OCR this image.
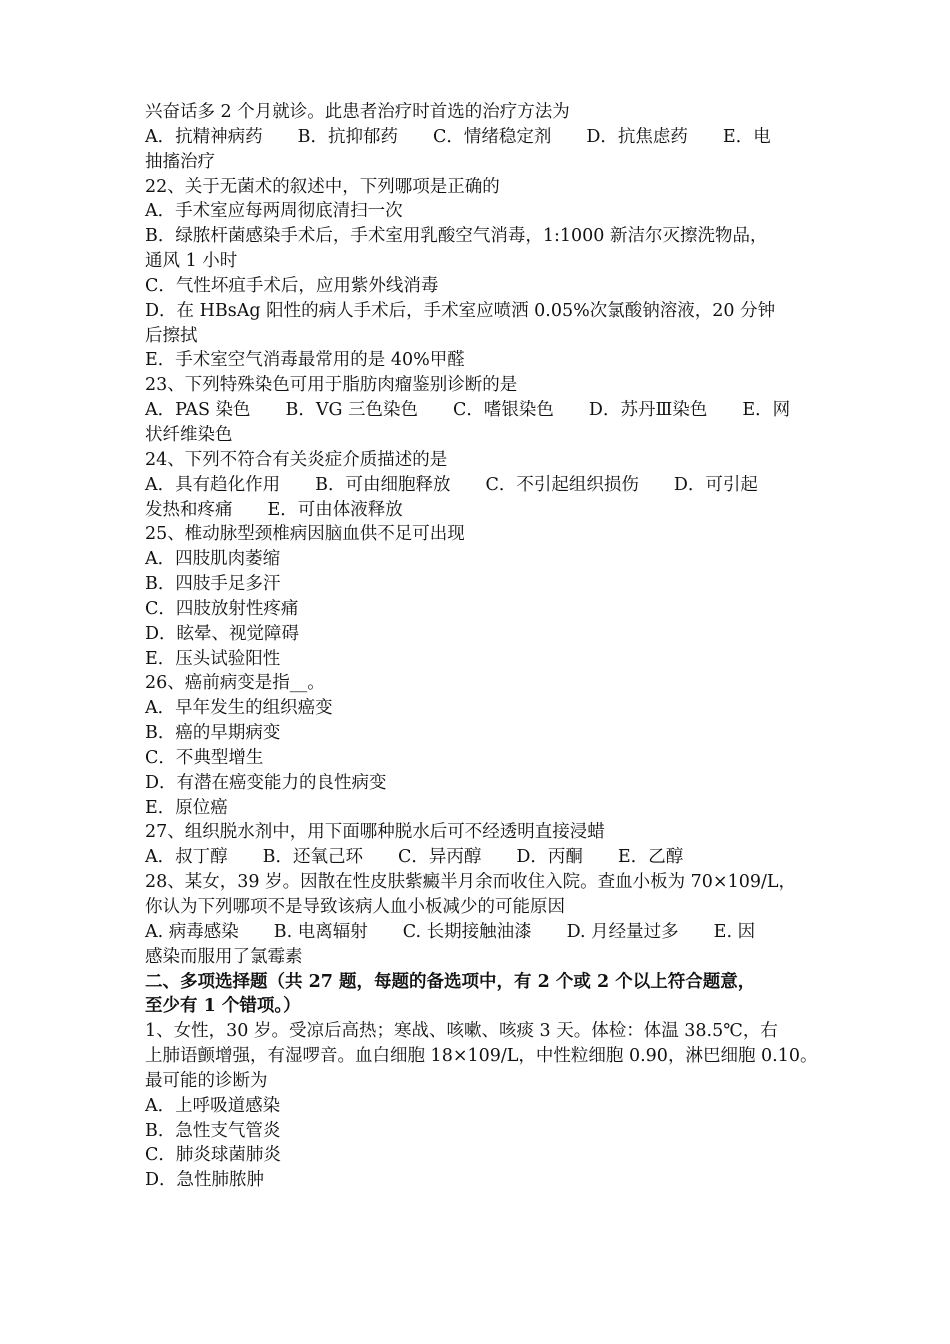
兴奋话多 2 个月就诊。此患者治疗时首选的治疗方法为
A．抗精神病药　　B．抗抑郁药　　C．情绪稳定剂　　D．抗焦虑药　　E．电
抽搐治疗
22、关于无菌术的叙述中，下列哪项是正确的
A．手术室应每两周彻底清扫一次
B．绿脓杆菌感染手术后，手术室用乳酸空气消毒，1:1000 新洁尔灭擦洗物品，
通风 1 小时
C．气性坏疽手术后，应用紫外线消毒
D．在 HBsAg 阳性的病人手术后，手术室应喷洒 0.05%次氯酸钠溶液，20 分钟
后擦拭
E．手术室空气消毒最常用的是 40%甲醛
23、下列特殊染色可用于脂肪肉瘤鉴别诊断的是
A．PAS 染色　　B．VG 三色染色　　C．嗜银染色　　D．苏丹Ⅲ染色　　E．网
状纤维染色
24、下列不符合有关炎症介质描述的是
A．具有趋化作用　　B．可由细胞释放　　C．不引起组织损伤　　D．可引起
发热和疼痛　　E．可由体液释放
25、椎动脉型颈椎病因脑血供不足可出现
A．四肢肌肉萎缩
B．四肢手足多汗
C．四肢放射性疼痛
D．眩晕、视觉障碍
E．压头试验阳性
26、癌前病变是指__。
A．早年发生的组织癌变
B．癌的早期病变
C．不典型增生
D．有潜在癌变能力的良性病变
E．原位癌
27、组织脱水剂中，用下面哪种脱水后可不经透明直接浸蜡
A．叔丁醇　　B．还氧己环　　C．异丙醇　　D．丙酮　　E．乙醇
28、某女，39 岁。因散在性皮肤紫癜半月余而收住入院。查血小板为 70×109/L，
你认为下列哪项不是导致该病人血小板减少的可能原因
A. 病毒感染　　B. 电离辐射　　C. 长期接触油漆　　D. 月经量过多　　E. 因
感染而服用了氯霉素
二、多项选择题（共 27 题，每题的备选项中，有 2 个或 2 个以上符合题意，
至少有 1 个错项。）
1、女性，30 岁。受凉后高热；寒战、咳嗽、咳痰 3 天。体检：体温 38.5℃，右
上肺语颤增强，有湿啰音。血白细胞 18×109/L，中性粒细胞 0.90，淋巴细胞 0.10。
最可能的诊断为
A．上呼吸道感染
B．急性支气管炎
C．肺炎球菌肺炎
D．急性肺脓肿
